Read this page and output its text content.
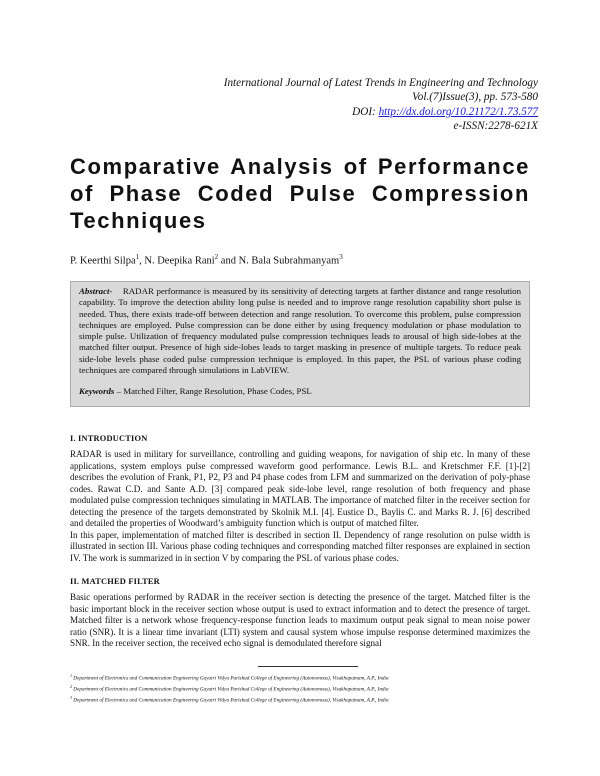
International Journal of Latest Trends in Engineering and Technology
Vol.(7)Issue(3), pp. 573-580
DOI: http://dx.doi.org/10.21172/1.73.577
e-ISSN:2278-621X
Comparative Analysis of Performance of Phase Coded Pulse Compression Techniques
P. Keerthi Silpa$^1$, N. Deepika Rani$^2$ and N. Bala Subrahmanyam$^3$

Abstract- RADAR performance is measured by its sensitivity of detecting targets at farther distance and range resolution capability. To improve the detection ability long pulse is needed and to improve range resolution capability short pulse is needed. Thus, there exists trade-off between detection and range resolution. To overcome this problem, pulse compression techniques are employed. Pulse compression can be done either by using frequency modulation or phase modulation to simple pulse. Utilization of frequency modulated pulse compression techniques leads to arousal of high side-lobes at the matched filter output. Presence of high side-lobes leads to target masking in presence of multiple targets. To reduce peak side-lobe levels phase coded pulse compression technique is employed. In this paper, the PSL of various phase coding techniques are compared through simulations in LabVIEW.

Keywords – Matched Filter, Range Resolution, Phase Codes, PSL

I. INTRODUCTION

RADAR is used in military for surveillance, controlling and guiding weapons, for navigation of ship etc. In many of these applications, system employs pulse compressed waveform good performance. Lewis B.L. and Kretschmer F.F. [1]-[2] describes the evolution of Frank, P1, P2, P3 and P4 phase codes from LFM and summarized on the derivation of poly-phase codes. Rawat C.D. and Sante A.D. [3] compared peak side-lobe level, range resolution of both frequency and phase modulated pulse compression techniques simulating in MATLAB. The importance of matched filter in the receiver section for detecting the presence of the targets demonstrated by Skolnik M.I. [4]. Eustice D., Baylis C. and Marks R. J. [6] described and detailed the properties of Woodward’s ambiguity function which is output of matched filter.

In this paper, implementation of matched filter is described in section II. Dependency of range resolution on pulse width is illustrated in section III. Various phase coding techniques and corresponding matched filter responses are explained in section IV. The work is summarized in in section V by comparing the PSL of various phase codes.

II. MATCHED FILTER

Basic operations performed by RADAR in the receiver section is detecting the presence of the target. Matched filter is the basic important block in the receiver section whose output is used to extract information and to detect the presence of target. Matched filter is a network whose frequency-response function leads to maximum output peak signal to mean noise power ratio (SNR). It is a linear time invariant (LTI) system and causal system whose impulse response determined maximizes the SNR. In the receiver section, the received echo signal is demodulated therefore signal

$^1$ Department of Electronics and Communication Engineering Gayatri Vidya Parishad College of Engineering (Autonomous), Visakhapatnam, A.P., India
$^2$ Department of Electronics and Communication Engineering Gayatri Vidya Parishad College of Engineering (Autonomous), Visakhapatnam, A.P., India
$^3$ Department of Electronics and Communication Engineering Gayatri Vidya Parishad College of Engineering (Autonomous), Visakhapatnam, A.P., India
